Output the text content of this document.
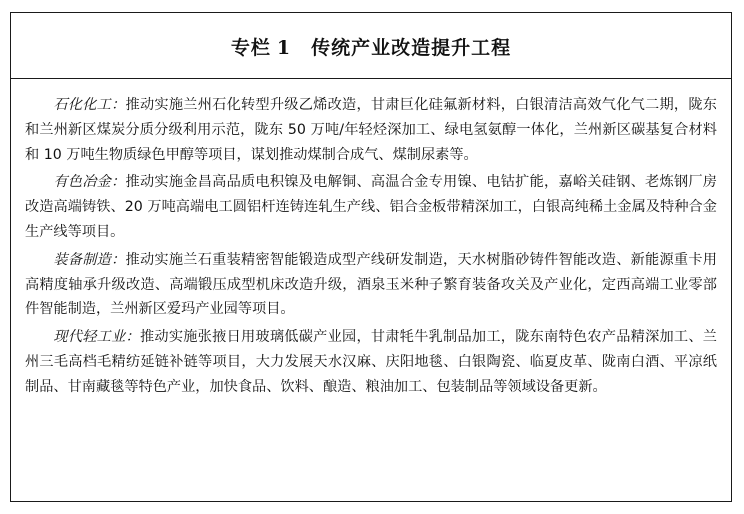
专栏 1 传统产业改造提升工程

石化化工：推动实施兰州石化转型升级乙烯改造，甘肃巨化硅氟新材料，白银清洁高效气化气二期，陇东和兰州新区煤炭分质分级利用示范，陇东 50 万吨/年轻烃深加工、绿电氢氨醇一体化，兰州新区碳基复合材料和 10 万吨生物质绿色甲醇等项目，谋划推动煤制合成气、煤制尿素等。

有色冶金：推动实施金昌高品质电积镍及电解铜、高温合金专用镍、电钴扩能，嘉峪关硅钢、老炼钢厂房改造高端铸铁、20 万吨高端电工圆铝杆连铸连轧生产线、铝合金板带精深加工，白银高纯稀土金属及特种合金生产线等项目。

装备制造：推动实施兰石重装精密智能锻造成型产线研发制造，天水树脂砂铸件智能改造、新能源重卡用高精度轴承升级改造、高端锻压成型机床改造升级，酒泉玉米种子繁育装备攻关及产业化，定西高端工业零部件智能制造，兰州新区爱玛产业园等项目。

现代轻工业：推动实施张掖日用玻璃低碳产业园，甘肃牦牛乳制品加工，陇东南特色农产品精深加工、兰州三毛高档毛精纺延链补链等项目，大力发展天水汉麻、庆阳地毯、白银陶瓷、临夏皮革、陇南白酒、平凉纸制品、甘南藏毯等特色产业，加快食品、饮料、酿造、粮油加工、包装制品等领域设备更新。
